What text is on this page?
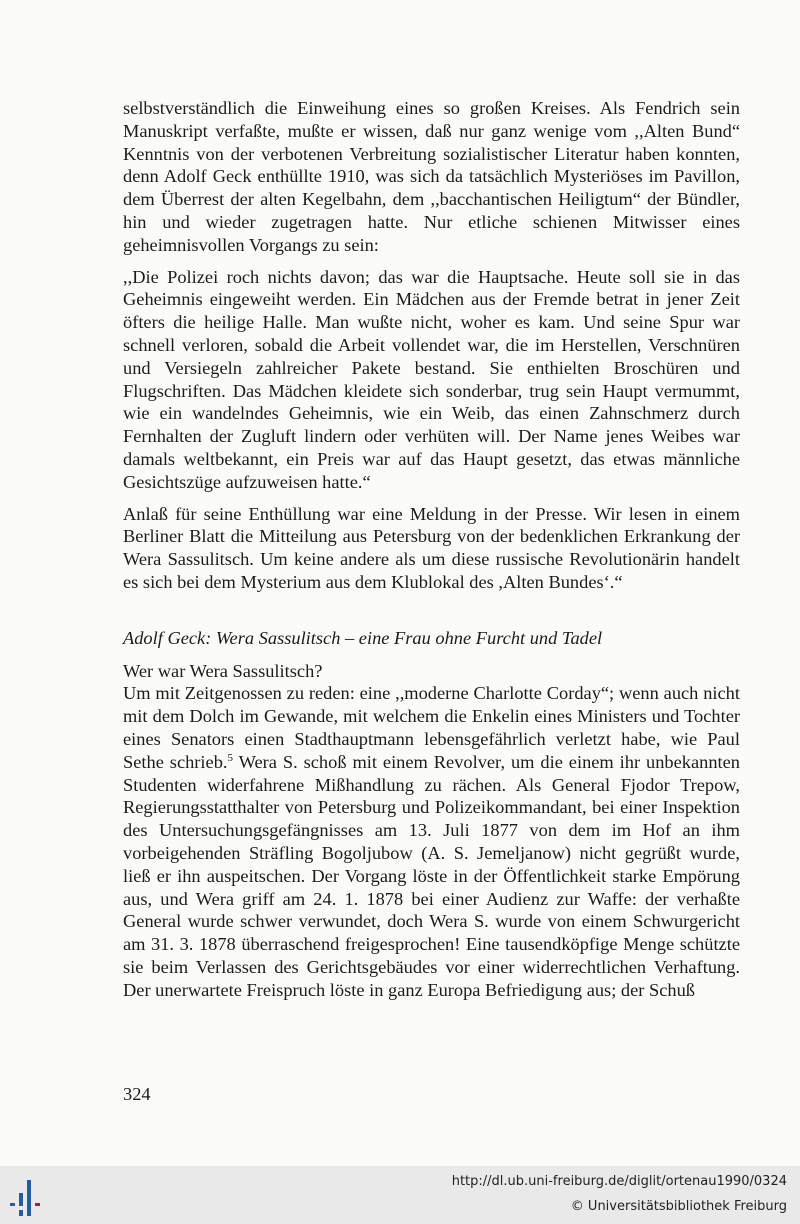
selbstverständlich die Einweihung eines so großen Kreises. Als Fendrich sein Manuskript verfaßte, mußte er wissen, daß nur ganz wenige vom ,,Alten Bund“ Kenntnis von der verbotenen Verbreitung sozialistischer Literatur haben konnten, denn Adolf Geck enthüllte 1910, was sich da tatsächlich Mysteriöses im Pavillon, dem Überrest der alten Kegelbahn, dem ,,bacchantischen Heiligtum“ der Bündler, hin und wieder zugetragen hatte. Nur etliche schienen Mitwisser eines geheimnisvollen Vorgangs zu sein:

,,Die Polizei roch nichts davon; das war die Hauptsache. Heute soll sie in das Geheimnis eingeweiht werden. Ein Mädchen aus der Fremde betrat in jener Zeit öfters die heilige Halle. Man wußte nicht, woher es kam. Und seine Spur war schnell verloren, sobald die Arbeit vollendet war, die im Herstellen, Verschnüren und Versiegeln zahlreicher Pakete bestand. Sie enthielten Broschüren und Flugschriften. Das Mädchen kleidete sich sonderbar, trug sein Haupt vermummt, wie ein wandelndes Geheimnis, wie ein Weib, das einen Zahnschmerz durch Fernhalten der Zugluft lindern oder verhüten will. Der Name jenes Weibes war damals weltbekannt, ein Preis war auf das Haupt gesetzt, das etwas männliche Gesichtszüge aufzuweisen hatte.“

Anlaß für seine Enthüllung war eine Meldung in der Presse. Wir lesen in einem Berliner Blatt die Mitteilung aus Petersburg von der bedenklichen Erkrankung der Wera Sassulitsch. Um keine andere als um diese russische Revolutionärin handelt es sich bei dem Mysterium aus dem Klublokal des ,Alten Bundes‘.“

Adolf Geck: Wera Sassulitsch – eine Frau ohne Furcht und Tadel

Wer war Wera Sassulitsch?

Um mit Zeitgenossen zu reden: eine ,,moderne Charlotte Corday“; wenn auch nicht mit dem Dolch im Gewande, mit welchem die Enkelin eines Ministers und Tochter eines Senators einen Stadthauptmann lebensgefährlich verletzt habe, wie Paul Sethe schrieb.$^5$ Wera S. schoß mit einem Revolver, um die einem ihr unbekannten Studenten widerfahrene Mißhandlung zu rächen. Als General Fjodor Trepow, Regierungsstatthalter von Petersburg und Polizeikommandant, bei einer Inspektion des Untersuchungsgefängnisses am 13. Juli 1877 von dem im Hof an ihm vorbeigehenden Sträfling Bogoljubow (A. S. Jemeljanow) nicht gegrüßt wurde, ließ er ihn auspeitschen. Der Vorgang löste in der Öffentlichkeit starke Empörung aus, und Wera griff am 24. 1. 1878 bei einer Audienz zur Waffe: der verhaßte General wurde schwer verwundet, doch Wera S. wurde von einem Schwurgericht am 31. 3. 1878 überraschend freigesprochen! Eine tausendköpfige Menge schützte sie beim Verlassen des Gerichtsgebäudes vor einer widerrechtlichen Verhaftung. Der unerwartete Freispruch löste in ganz Europa Befriedigung aus; der Schuß

324
http://dl.ub.uni-freiburg.de/diglit/ortenau1990/0324
© Universitätsbibliothek Freiburg
